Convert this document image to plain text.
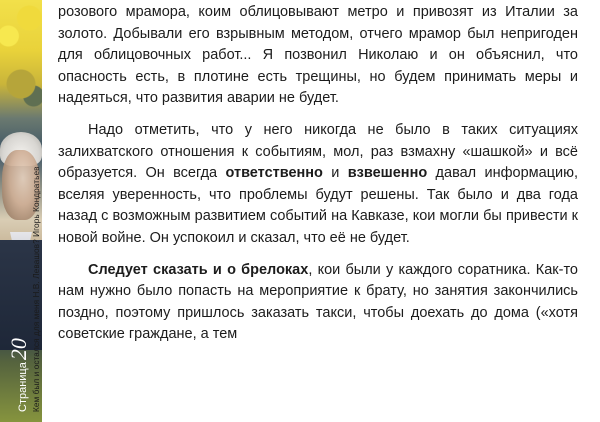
Страница
20 Кем был и остался для меня Н.В. Левашов? Игорь Кондратьев

розового мрамора, коим облицовывают метро и привозят из Италии за золото. Добывали его взрывным методом, отчего мрамор был непригоден для облицовочных работ... Я позвонил Николаю и он объяснил, что опасность есть, в плотине есть трещины, но будем принимать меры и надеяться, что развития аварии не будет.

Надо отметить, что у него никогда не было в таких ситуациях залихватского отношения к событиям, мол, раз взмахну «шашкой» и всё образуется. Он всегда ответственно и взвешенно давал информацию, вселяя уверенность, что проблемы будут решены. Так было и два года назад с возможным развитием событий на Кавказе, кои могли бы привести к новой войне. Он успокоил и сказал, что её не будет.

Следует сказать и о брелоках, кои были у каждого соратника. Как-то нам нужно было попасть на мероприятие к брату, но занятия закончились поздно, поэтому пришлось заказать такси, чтобы доехать до дома («хотя советские граждане, а тем
